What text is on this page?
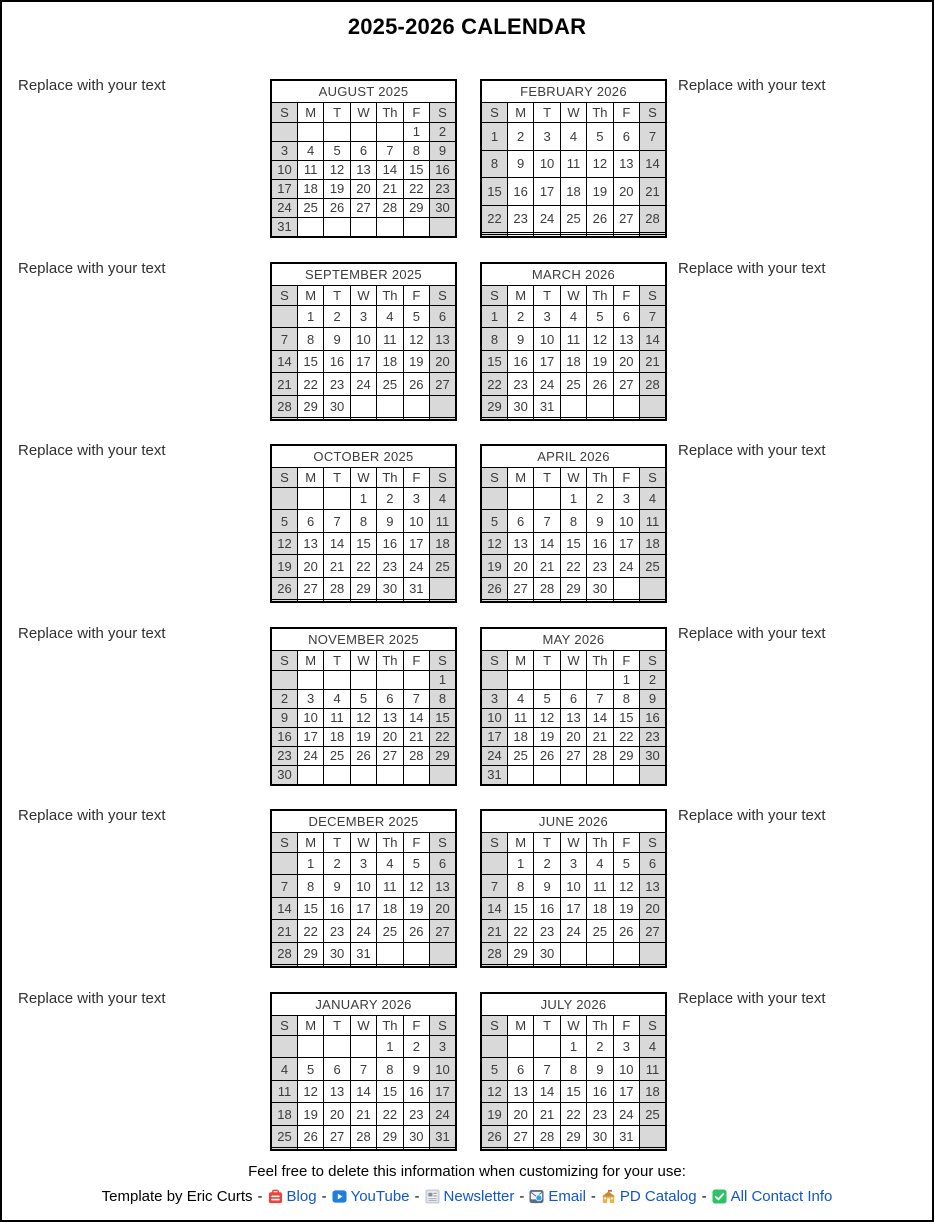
2025-2026 CALENDAR
Replace with your text	AUGUST 2025						
S	M	T	W	Th	F	S
					1	2
3	4	5	6	7	8	9
10	11	12	13	14	15	16
17	18	19	20	21	22	23
24	25	26	27	28	29	30
31						
FEBRUARY 2026						
S	M	T	W	Th	F	S
1	2	3	4	5	6	7
8	9	10	11	12	13	14
15	16	17	18	19	20	21
22	23	24	25	26	27	28

Replace with your text
Replace with your text	SEPTEMBER 2025						
S	M	T	W	Th	F	S
	1	2	3	4	5	6
7	8	9	10	11	12	13
14	15	16	17	18	19	20
21	22	23	24	25	26	27
28	29	30				

MARCH 2026						
S	M	T	W	Th	F	S
1	2	3	4	5	6	7
8	9	10	11	12	13	14
15	16	17	18	19	20	21
22	23	24	25	26	27	28
29	30	31				

Replace with your text
Replace with your text	OCTOBER 2025						
S	M	T	W	Th	F	S
			1	2	3	4
5	6	7	8	9	10	11
12	13	14	15	16	17	18
19	20	21	22	23	24	25
26	27	28	29	30	31	

APRIL 2026						
S	M	T	W	Th	F	S
			1	2	3	4
5	6	7	8	9	10	11
12	13	14	15	16	17	18
19	20	21	22	23	24	25
26	27	28	29	30		

Replace with your text
Replace with your text	NOVEMBER 2025						
S	M	T	W	Th	F	S
						1
2	3	4	5	6	7	8
9	10	11	12	13	14	15
16	17	18	19	20	21	22
23	24	25	26	27	28	29
30						
MAY 2026						
S	M	T	W	Th	F	S
					1	2
3	4	5	6	7	8	9
10	11	12	13	14	15	16
17	18	19	20	21	22	23
24	25	26	27	28	29	30
31						
Replace with your text
Replace with your text	DECEMBER 2025						
S	M	T	W	Th	F	S
	1	2	3	4	5	6
7	8	9	10	11	12	13
14	15	16	17	18	19	20
21	22	23	24	25	26	27
28	29	30	31			

JUNE 2026						
S	M	T	W	Th	F	S
	1	2	3	4	5	6
7	8	9	10	11	12	13
14	15	16	17	18	19	20
21	22	23	24	25	26	27
28	29	30				

Replace with your text
Replace with your text	JANUARY 2026						
S	M	T	W	Th	F	S
				1	2	3
4	5	6	7	8	9	10
11	12	13	14	15	16	17
18	19	20	21	22	23	24
25	26	27	28	29	30	31

JULY 2026						
S	M	T	W	Th	F	S
			1	2	3	4
5	6	7	8	9	10	11
12	13	14	15	16	17	18
19	20	21	22	23	24	25
26	27	28	29	30	31	

Replace with your text
Feel free to delete this information when customizing for your use:
Template by Eric Curts - Blog - YouTube - Newsletter - Email - PD Catalog - All Contact Info
